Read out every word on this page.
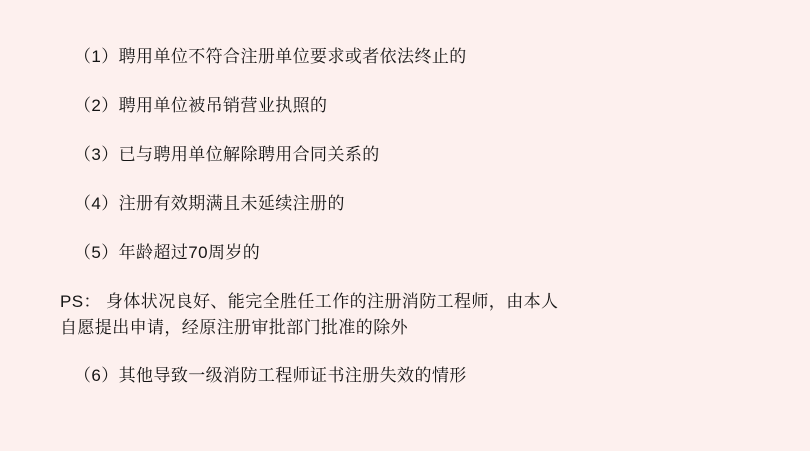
（1）聘用单位不符合注册单位要求或者依法终止的
（2）聘用单位被吊销营业执照的
（3）已与聘用单位解除聘用合同关系的
（4）注册有效期满且未延续注册的
（5）年龄超过70周岁的
PS： 身体状况良好、能完全胜任工作的注册消防工程师，由本人
自愿提出申请，经原注册审批部门批准的除外
（6）其他导致一级消防工程师证书注册失效的情形
